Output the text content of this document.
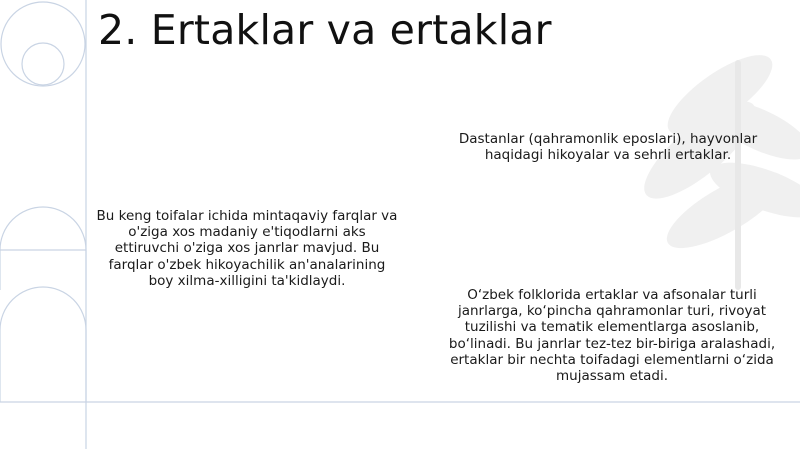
2. Ertaklar va ertaklar
Bu keng toifalar ichida mintaqaviy farqlar va o'ziga xos madaniy e'tiqodlarni aks ettiruvchi o'ziga xos janrlar mavjud. Bu farqlar o'zbek hikoyachilik an'analarining boy xilma-xilligini ta'kidlaydi.
Dastanlar (qahramonlik eposlari), hayvonlar haqidagi hikoyalar va sehrli ertaklar.
O‘zbek folklorida ertaklar va afsonalar turli janrlarga, ko‘pincha qahramonlar turi, rivoyat tuzilishi va tematik elementlarga asoslanib, bo‘linadi. Bu janrlar tez-tez bir-biriga aralashadi, ertaklar bir nechta toifadagi elementlarni o‘zida mujassam etadi.
